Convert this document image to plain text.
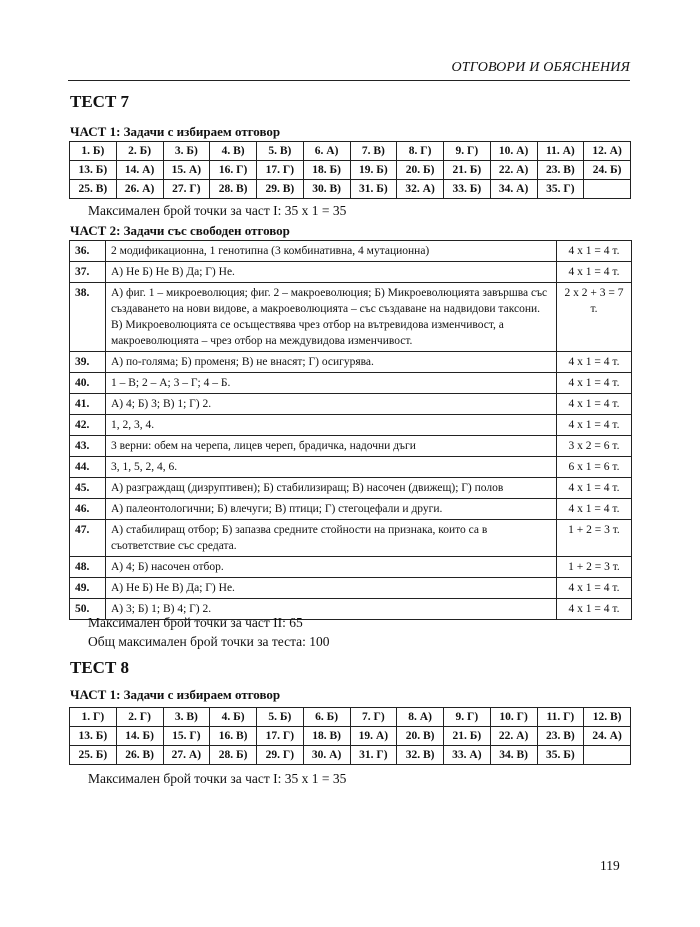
ОТГОВОРИ И ОБЯСНЕНИЯ
ТЕСТ 7
ЧАСТ 1: Задачи с избираем отговор
1. Б)	2. Б)	3. Б)	4. В)	5. В)	6. А)	7. В)	8. Г)	9. Г)	10. А)	11. А)	12. А)
13. Б)	14. А)	15. А)	16. Г)	17. Г)	18. Б)	19. Б)	20. Б)	21. Б)	22. А)	23. В)	24. Б)
25. В)	26. А)	27. Г)	28. В)	29. В)	30. В)	31. Б)	32. А)	33. Б)	34. А)	35. Г)	
Максимален брой точки за част I: 35 x 1 = 35
ЧАСТ 2: Задачи със свободен отговор
36.	2 модификационна, 1 генотипна (3 комбинативна, 4 мутационна)	4 x 1 = 4 т.
37.	А) Не Б) Не В) Да; Г) Не.	4 x 1 = 4 т.
38.	А) фиг. 1 – микроеволюция; фиг. 2 – макроеволюция; Б) Микроеволюцията завършва със създаването на нови видове, а макроеволюцията – със създаване на надвидови таксони. В) Микроеволюцията се осъществява чрез отбор на вътревидова изменчивост, а макроеволюцията – чрез отбор на междувидова изменчивост.	2 x 2 + 3 = 7 т.
39.	А) по-голяма; Б) променя; В) не внасят; Г) осигурява.	4 x 1 = 4 т.
40.	1 – В; 2 – А; 3 – Г; 4 – Б.	4 x 1 = 4 т.
41.	А) 4; Б) 3; В) 1; Г) 2.	4 x 1 = 4 т.
42.	1, 2, 3, 4.	4 x 1 = 4 т.
43.	3 верни: обем на черепа, лицев череп, брадичка, надочни дъги	3 x 2 = 6 т.
44.	3, 1, 5, 2, 4, 6.	6 x 1 = 6 т.
45.	А) разграждащ (дизруптивен); Б) стабилизиращ; В) насочен (движещ); Г) полов	4 x 1 = 4 т.
46.	А) палеонтологични; Б) влечуги; В) птици; Г) стегоцефали и други.	4 x 1 = 4 т.
47.	А) стабилиращ отбор; Б) запазва средните стойности на признака, които са в съответствие със средата.	1 + 2 = 3 т.
48.	А) 4; Б) насочен отбор.	1 + 2 = 3 т.
49.	А) Не Б) Не В) Да; Г) Не.	4 x 1 = 4 т.
50.	А) 3; Б) 1; В) 4; Г) 2.	4 x 1 = 4 т.
Максимален брой точки за част II: 65
Общ максимален брой точки за теста: 100
ТЕСТ 8
ЧАСТ 1: Задачи с избираем отговор
1. Г)	2. Г)	3. В)	4. Б)	5. Б)	6. Б)	7. Г)	8. А)	9. Г)	10. Г)	11. Г)	12. В)
13. Б)	14. Б)	15. Г)	16. В)	17. Г)	18. В)	19. А)	20. В)	21. Б)	22. А)	23. В)	24. А)
25. Б)	26. В)	27. А)	28. Б)	29. Г)	30. А)	31. Г)	32. В)	33. А)	34. В)	35. Б)	
Максимален брой точки за част I: 35 x 1 = 35
119
